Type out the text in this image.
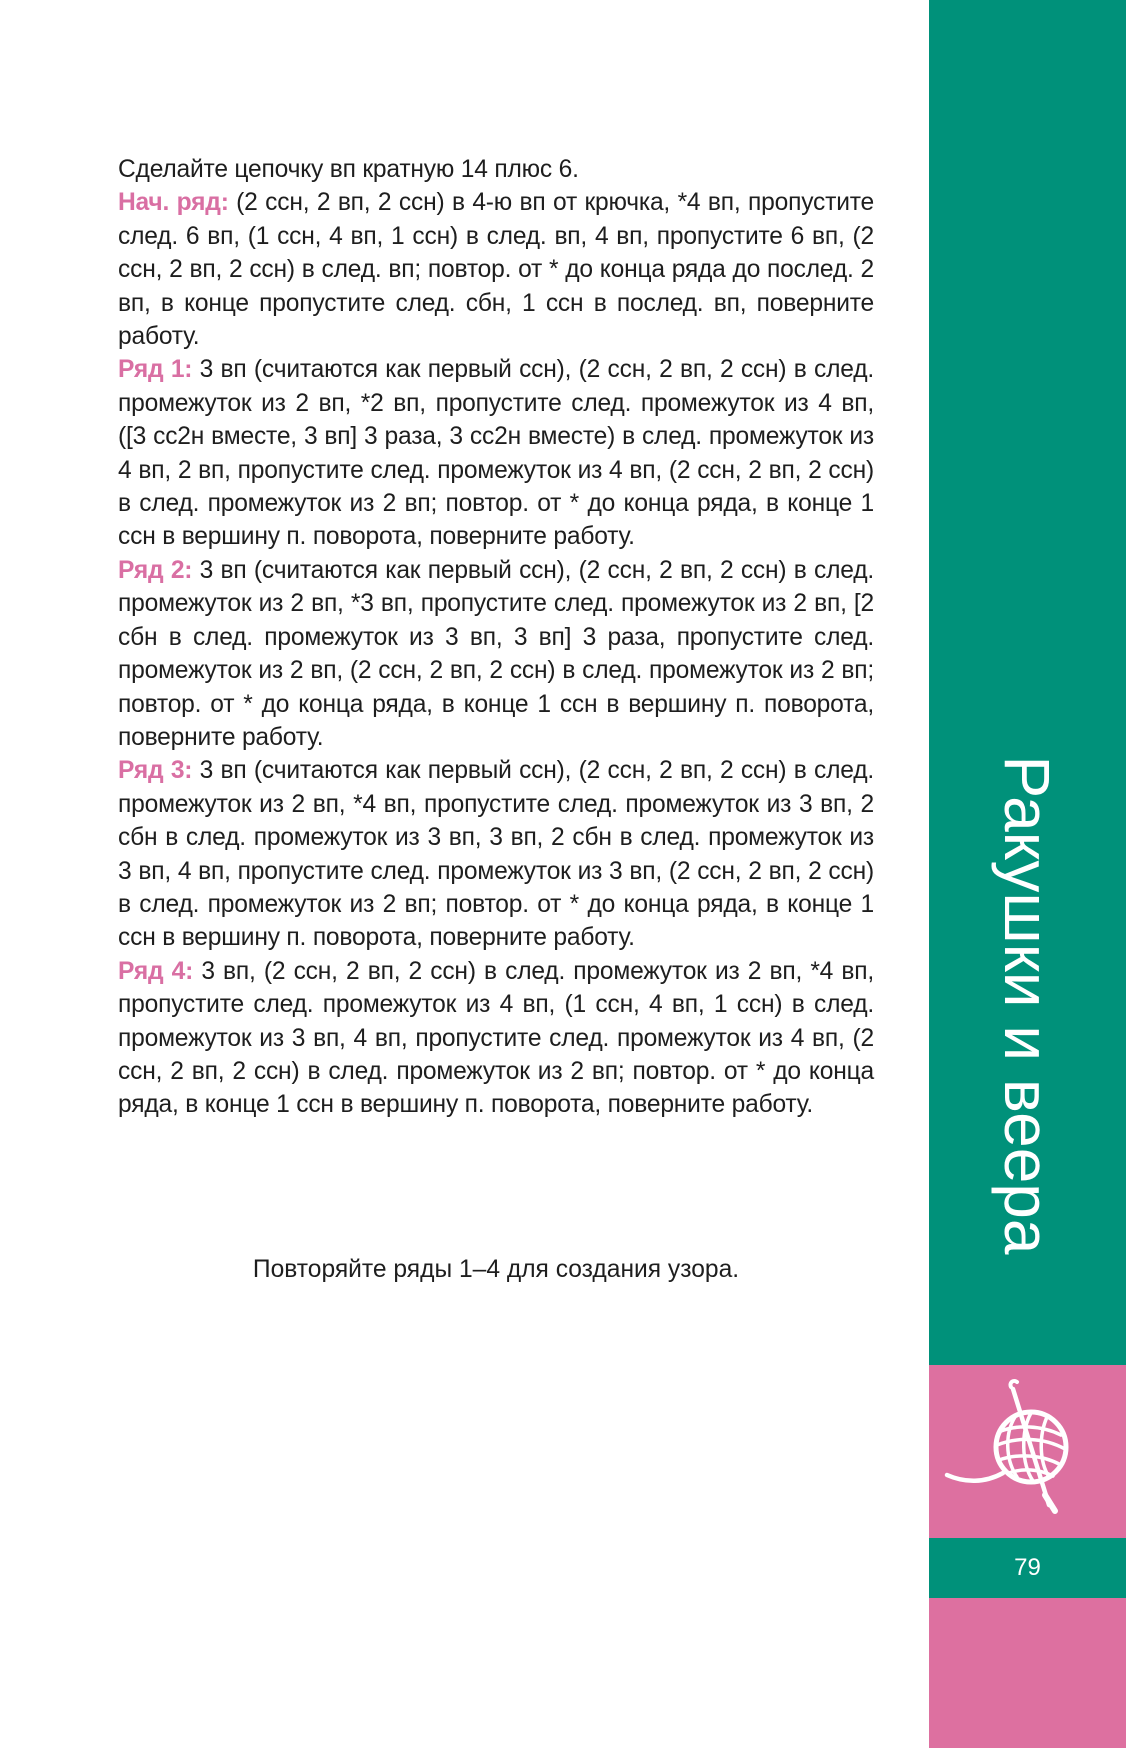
Сделайте цепочку вп кратную 14 плюс 6.

Нач. ряд: (2 ссн, 2 вп, 2 ссн) в 4-ю вп от крючка, *4 вп, пропустите след. 6 вп, (1 ссн, 4 вп, 1 ссн) в след. вп, 4 вп, пропустите 6 вп, (2 ссн, 2 вп, 2 ссн) в след. вп; повтор. от * до конца ряда до послед. 2 вп, в конце пропустите след. сбн, 1 ссн в послед. вп, поверните работу.

Ряд 1: 3 вп (считаются как первый ссн), (2 ссн, 2 вп, 2 ссн) в след. промежуток из 2 вп, *2 вп, пропустите след. промежуток из 4 вп, ([3 сс2н вместе, 3 вп] 3 раза, 3 сс2н вместе) в след. промежуток из 4 вп, 2 вп, пропустите след. промежуток из 4 вп, (2 ссн, 2 вп, 2 ссн) в след. промежуток из 2 вп; повтор. от * до конца ряда, в конце 1 ссн в вершину п. поворота, поверните работу.

Ряд 2: 3 вп (считаются как первый ссн), (2 ссн, 2 вп, 2 ссн) в след. промежуток из 2 вп, *3 вп, пропустите след. промежуток из 2 вп, [2 сбн в след. промежуток из 3 вп, 3 вп] 3 раза, пропустите след. промежуток из 2 вп, (2 ссн, 2 вп, 2 ссн) в след. промежуток из 2 вп; повтор. от * до конца ряда, в конце 1 ссн в вершину п. поворота, поверните работу.

Ряд 3: 3 вп (считаются как первый ссн), (2 ссн, 2 вп, 2 ссн) в след. промежуток из 2 вп, *4 вп, пропустите след. промежуток из 3 вп, 2 сбн в след. промежуток из 3 вп, 3 вп, 2 сбн в след. промежуток из 3 вп, 4 вп, пропустите след. промежуток из 3 вп, (2 ссн, 2 вп, 2 ссн) в след. промежуток из 2 вп; повтор. от * до конца ряда, в конце 1 ссн в вершину п. поворота, поверните работу.

Ряд 4: 3 вп, (2 ссн, 2 вп, 2 ссн) в след. промежуток из 2 вп, *4 вп, пропустите след. промежуток из 4 вп, (1 ссн, 4 вп, 1 ссн) в след. промежуток из 3 вп, 4 вп, пропустите след. промежуток из 4 вп, (2 ссн, 2 вп, 2 ссн) в след. промежуток из 2 вп; повтор. от * до конца ряда, в конце 1 ссн в вершину п. поворота, поверните работу.

Повторяйте ряды 1–4 для создания узора.
Ракушки и веера
79
